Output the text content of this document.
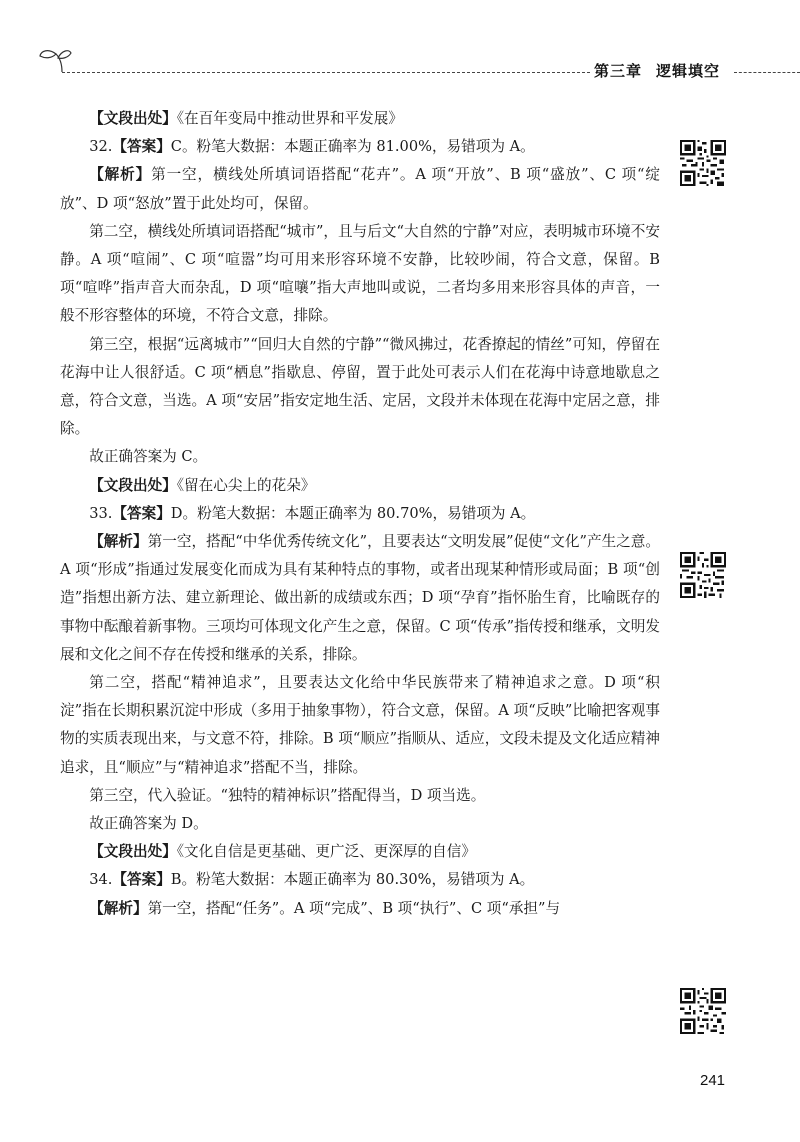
第三章 逻辑填空

【文段出处】《在百年变局中推动世界和平发展》

32.【答案】C。粉笔大数据：本题正确率为 81.00%，易错项为 A。

【解析】第一空，横线处所填词语搭配“花卉”。A 项“开放”、B 项“盛放”、C 项“绽放”、D 项“怒放”置于此处均可，保留。

第二空，横线处所填词语搭配“城市”，且与后文“大自然的宁静”对应，表明城市环境不安静。A 项“喧闹”、C 项“喧嚣”均可用来形容环境不安静，比较吵闹，符合文意，保留。B 项“喧哗”指声音大而杂乱，D 项“喧嚷”指大声地叫或说，二者均多用来形容具体的声音，一般不形容整体的环境，不符合文意，排除。

第三空，根据“远离城市”“回归大自然的宁静”“微风拂过，花香撩起的情丝”可知，停留在花海中让人很舒适。C 项“栖息”指歇息、停留，置于此处可表示人们在花海中诗意地歇息之意，符合文意，当选。A 项“安居”指安定地生活、定居，文段并未体现在花海中定居之意，排除。

故正确答案为 C。

【文段出处】《留在心尖上的花朵》

33.【答案】D。粉笔大数据：本题正确率为 80.70%，易错项为 A。

【解析】第一空，搭配“中华优秀传统文化”，且要表达“文明发展”促使“文化”产生之意。A 项“形成”指通过发展变化而成为具有某种特点的事物，或者出现某种情形或局面；B 项“创造”指想出新方法、建立新理论、做出新的成绩或东西；D 项“孕育”指怀胎生育，比喻既存的事物中酝酿着新事物。三项均可体现文化产生之意，保留。C 项“传承”指传授和继承，文明发展和文化之间不存在传授和继承的关系，排除。

第二空，搭配“精神追求”，且要表达文化给中华民族带来了精神追求之意。D 项“积淀”指在长期积累沉淀中形成（多用于抽象事物），符合文意，保留。A 项“反映”比喻把客观事物的实质表现出来，与文意不符，排除。B 项“顺应”指顺从、适应，文段未提及文化适应精神追求，且“顺应”与“精神追求”搭配不当，排除。

第三空，代入验证。“独特的精神标识”搭配得当，D 项当选。

故正确答案为 D。

【文段出处】《文化自信是更基础、更广泛、更深厚的自信》

34.【答案】B。粉笔大数据：本题正确率为 80.30%，易错项为 A。

【解析】第一空，搭配“任务”。A 项“完成”、B 项“执行”、C 项“承担”与

241
